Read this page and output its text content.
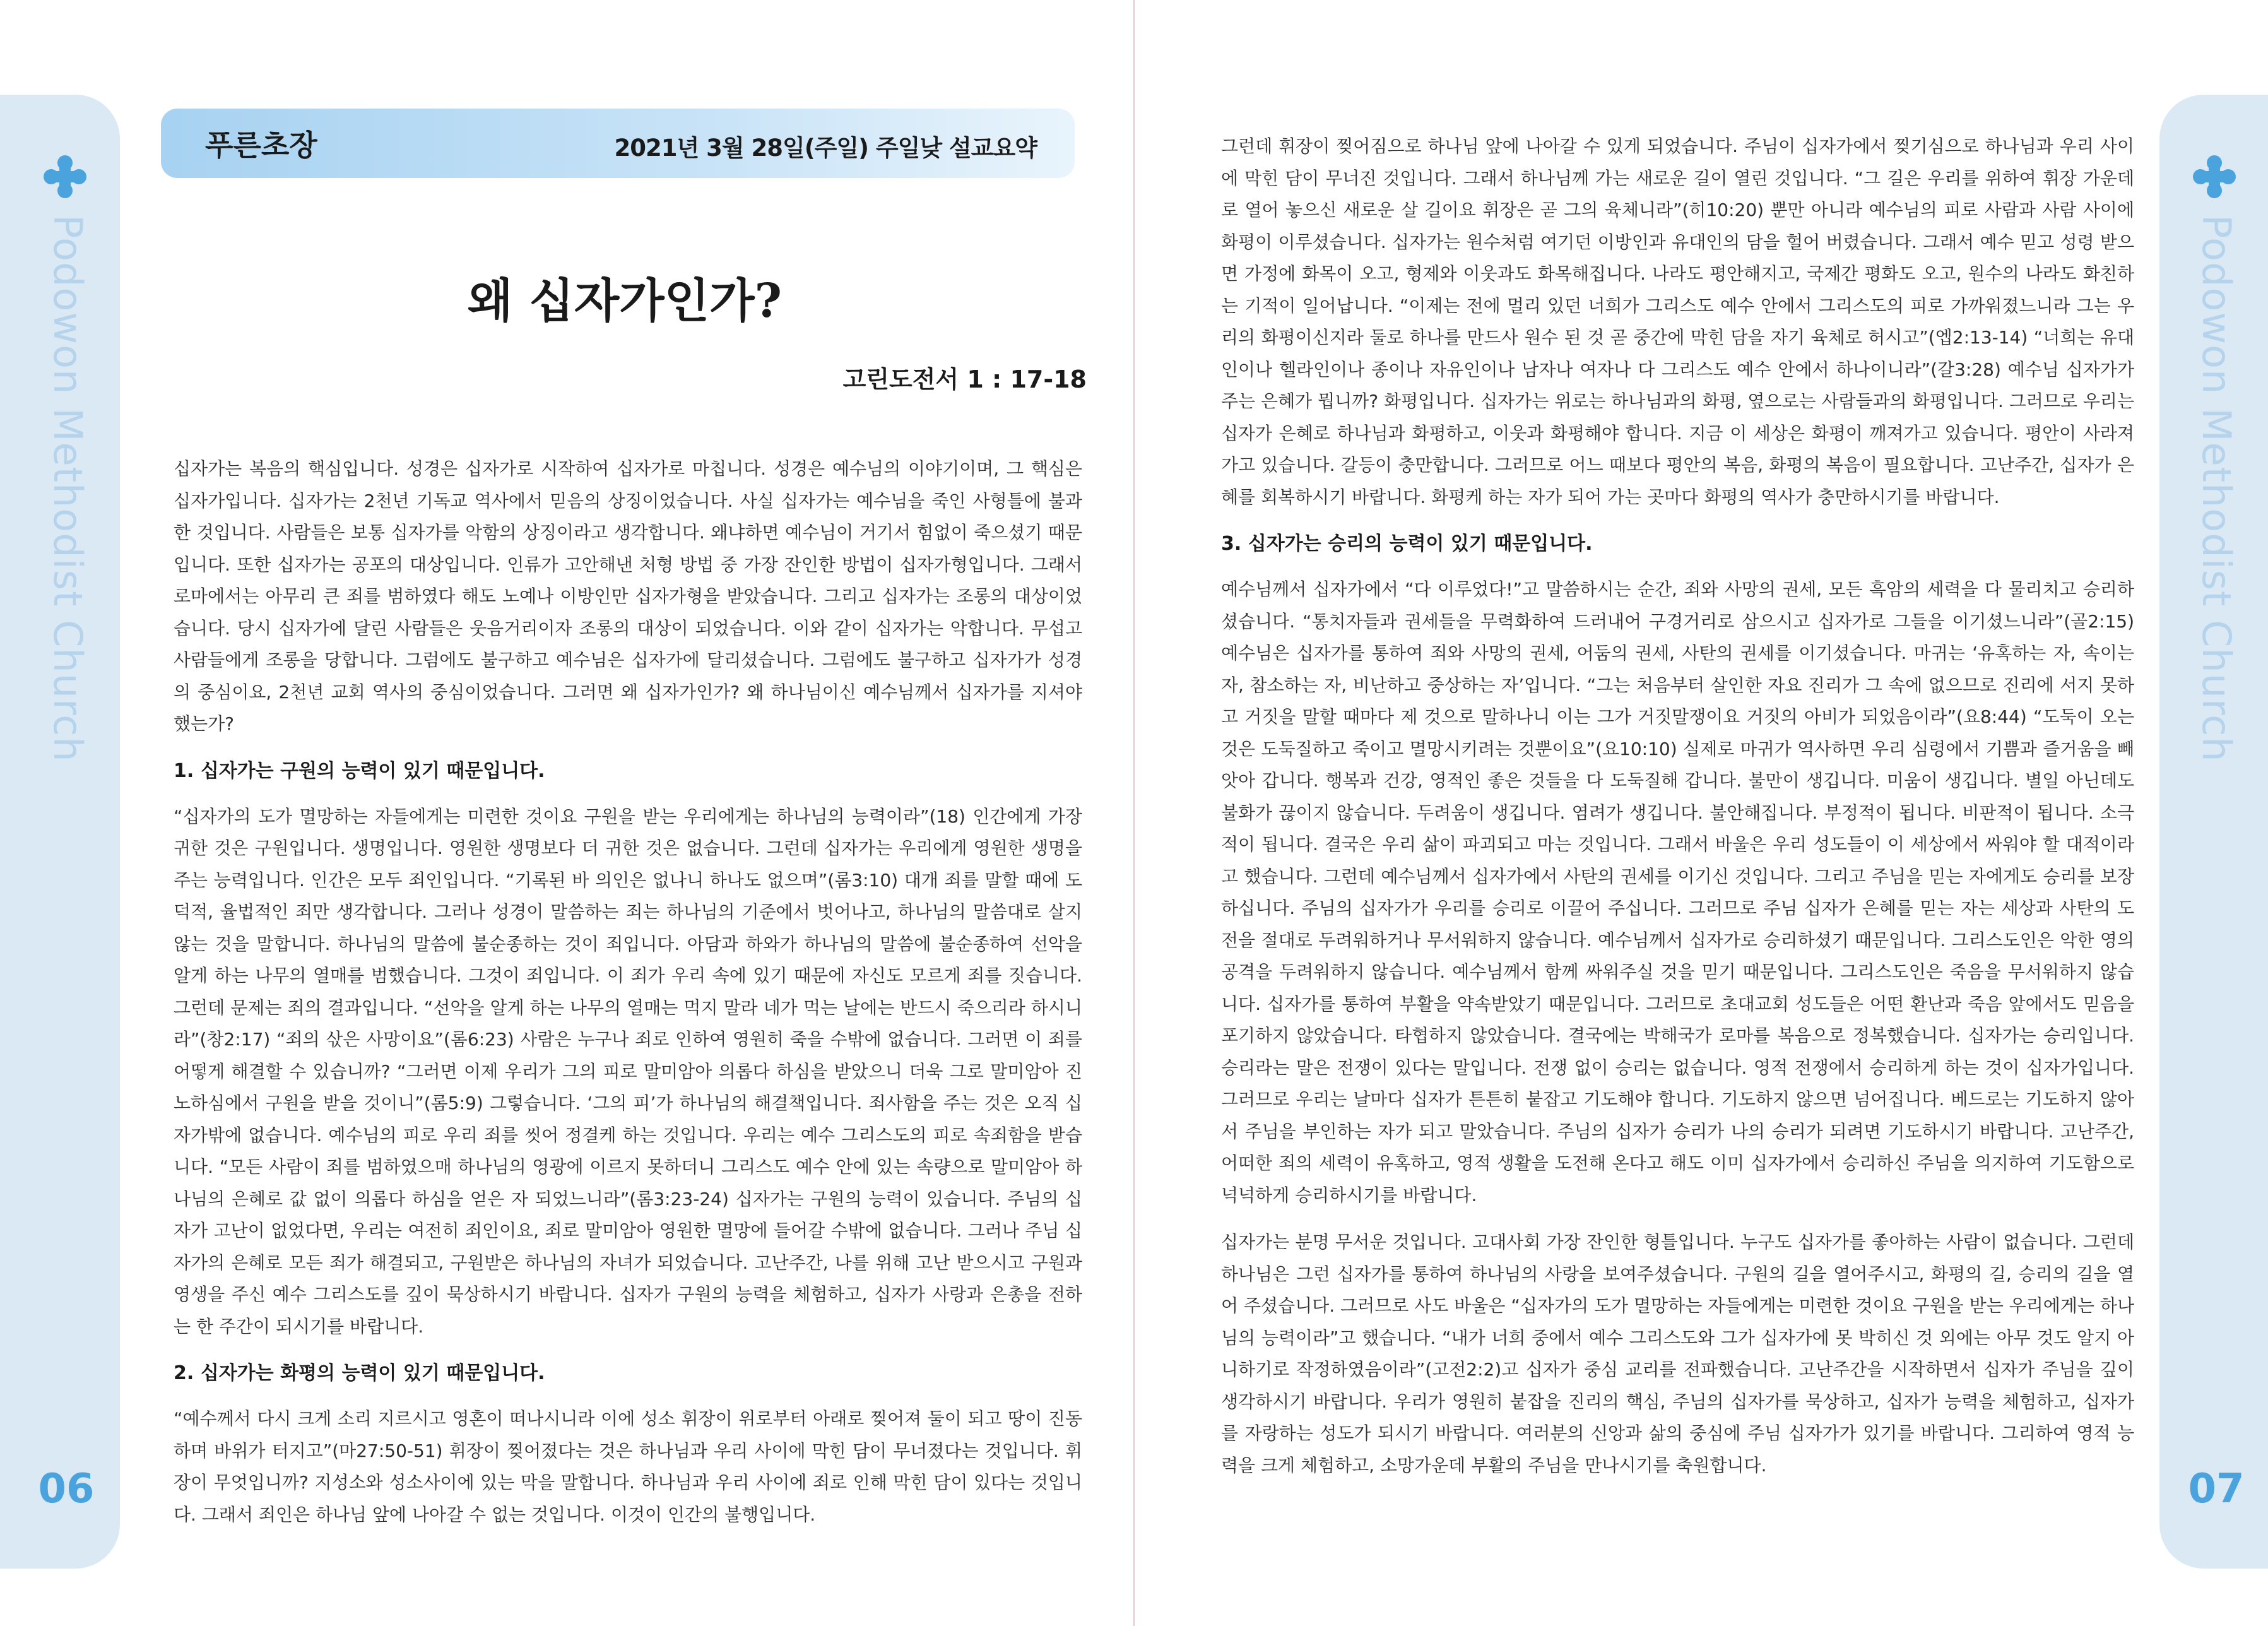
Podowon Methodist Church
06
푸른초장	2021년 3월 28일(주일) 주일낮 설교요약
왜 십자가인가?
고린도전서 1 : 17-18

십자가는 복음의 핵심입니다. 성경은 십자가로 시작하여 십자가로 마칩니다. 성경은 예수님의 이야기이며, 그 핵심은 십자가입니다. 십자가는 2천년 기독교 역사에서 믿음의 상징이었습니다. 사실 십자가는 예수님을 죽인 사형틀에 불과한 것입니다. 사람들은 보통 십자가를 악함의 상징이라고 생각합니다. 왜냐하면 예수님이 거기서 힘없이 죽으셨기 때문입니다. 또한 십자가는 공포의 대상입니다. 인류가 고안해낸 처형 방법 중 가장 잔인한 방법이 십자가형입니다. 그래서 로마에서는 아무리 큰 죄를 범하였다 해도 노예나 이방인만 십자가형을 받았습니다. 그리고 십자가는 조롱의 대상이었습니다. 당시 십자가에 달린 사람들은 웃음거리이자 조롱의 대상이 되었습니다. 이와 같이 십자가는 악합니다. 무섭고 사람들에게 조롱을 당합니다. 그럼에도 불구하고 예수님은 십자가에 달리셨습니다. 그럼에도 불구하고 십자가가 성경의 중심이요, 2천년 교회 역사의 중심이었습니다. 그러면 왜 십자가인가? 왜 하나님이신 예수님께서 십자가를 지셔야 했는가?

1. 십자가는 구원의 능력이 있기 때문입니다.

“십자가의 도가 멸망하는 자들에게는 미련한 것이요 구원을 받는 우리에게는 하나님의 능력이라”(18) 인간에게 가장 귀한 것은 구원입니다. 생명입니다. 영원한 생명보다 더 귀한 것은 없습니다. 그런데 십자가는 우리에게 영원한 생명을 주는 능력입니다. 인간은 모두 죄인입니다. “기록된 바 의인은 없나니 하나도 없으며”(롬3:10) 대개 죄를 말할 때에 도덕적, 율법적인 죄만 생각합니다. 그러나 성경이 말씀하는 죄는 하나님의 기준에서 벗어나고, 하나님의 말씀대로 살지 않는 것을 말합니다. 하나님의 말씀에 불순종하는 것이 죄입니다. 아담과 하와가 하나님의 말씀에 불순종하여 선악을 알게 하는 나무의 열매를 범했습니다. 그것이 죄입니다. 이 죄가 우리 속에 있기 때문에 자신도 모르게 죄를 짓습니다. 그런데 문제는 죄의 결과입니다. “선악을 알게 하는 나무의 열매는 먹지 말라 네가 먹는 날에는 반드시 죽으리라 하시니라”(창2:17) “죄의 삯은 사망이요”(롬6:23) 사람은 누구나 죄로 인하여 영원히 죽을 수밖에 없습니다. 그러면 이 죄를 어떻게 해결할 수 있습니까? “그러면 이제 우리가 그의 피로 말미암아 의롭다 하심을 받았으니 더욱 그로 말미암아 진노하심에서 구원을 받을 것이니”(롬5:9) 그렇습니다. ‘그의 피’가 하나님의 해결책입니다. 죄사함을 주는 것은 오직 십자가밖에 없습니다. 예수님의 피로 우리 죄를 씻어 정결케 하는 것입니다. 우리는 예수 그리스도의 피로 속죄함을 받습니다. “모든 사람이 죄를 범하였으매 하나님의 영광에 이르지 못하더니 그리스도 예수 안에 있는 속량으로 말미암아 하나님의 은혜로 값 없이 의롭다 하심을 얻은 자 되었느니라”(롬3:23-24) 십자가는 구원의 능력이 있습니다. 주님의 십자가 고난이 없었다면, 우리는 여전히 죄인이요, 죄로 말미암아 영원한 멸망에 들어갈 수밖에 없습니다. 그러나 주님 십자가의 은혜로 모든 죄가 해결되고, 구원받은 하나님의 자녀가 되었습니다. 고난주간, 나를 위해 고난 받으시고 구원과 영생을 주신 예수 그리스도를 깊이 묵상하시기 바랍니다. 십자가 구원의 능력을 체험하고, 십자가 사랑과 은총을 전하는 한 주간이 되시기를 바랍니다.

2. 십자가는 화평의 능력이 있기 때문입니다.

“예수께서 다시 크게 소리 지르시고 영혼이 떠나시니라 이에 성소 휘장이 위로부터 아래로 찢어져 둘이 되고 땅이 진동하며 바위가 터지고”(마27:50-51) 휘장이 찢어졌다는 것은 하나님과 우리 사이에 막힌 담이 무너졌다는 것입니다. 휘장이 무엇입니까? 지성소와 성소사이에 있는 막을 말합니다. 하나님과 우리 사이에 죄로 인해 막힌 담이 있다는 것입니다. 그래서 죄인은 하나님 앞에 나아갈 수 없는 것입니다. 이것이 인간의 불행입니다.

Podowon Methodist Church
07

그런데 휘장이 찢어짐으로 하나님 앞에 나아갈 수 있게 되었습니다. 주님이 십자가에서 찢기심으로 하나님과 우리 사이에 막힌 담이 무너진 것입니다. 그래서 하나님께 가는 새로운 길이 열린 것입니다. “그 길은 우리를 위하여 휘장 가운데로 열어 놓으신 새로운 살 길이요 휘장은 곧 그의 육체니라”(히10:20) 뿐만 아니라 예수님의 피로 사람과 사람 사이에 화평이 이루셨습니다. 십자가는 원수처럼 여기던 이방인과 유대인의 담을 헐어 버렸습니다. 그래서 예수 믿고 성령 받으면 가정에 화목이 오고, 형제와 이웃과도 화목해집니다. 나라도 평안해지고, 국제간 평화도 오고, 원수의 나라도 화친하는 기적이 일어납니다. “이제는 전에 멀리 있던 너희가 그리스도 예수 안에서 그리스도의 피로 가까워졌느니라 그는 우리의 화평이신지라 둘로 하나를 만드사 원수 된 것 곧 중간에 막힌 담을 자기 육체로 허시고”(엡2:13-14) “너희는 유대인이나 헬라인이나 종이나 자유인이나 남자나 여자나 다 그리스도 예수 안에서 하나이니라”(갈3:28) 예수님 십자가가 주는 은혜가 뭡니까? 화평입니다. 십자가는 위로는 하나님과의 화평, 옆으로는 사람들과의 화평입니다. 그러므로 우리는 십자가 은혜로 하나님과 화평하고, 이웃과 화평해야 합니다. 지금 이 세상은 화평이 깨져가고 있습니다. 평안이 사라져가고 있습니다. 갈등이 충만합니다. 그러므로 어느 때보다 평안의 복음, 화평의 복음이 필요합니다. 고난주간, 십자가 은혜를 회복하시기 바랍니다. 화평케 하는 자가 되어 가는 곳마다 화평의 역사가 충만하시기를 바랍니다.

3. 십자가는 승리의 능력이 있기 때문입니다.

예수님께서 십자가에서 “다 이루었다!”고 말씀하시는 순간, 죄와 사망의 권세, 모든 흑암의 세력을 다 물리치고 승리하셨습니다. “통치자들과 권세들을 무력화하여 드러내어 구경거리로 삼으시고 십자가로 그들을 이기셨느니라”(골2:15) 예수님은 십자가를 통하여 죄와 사망의 권세, 어둠의 권세, 사탄의 권세를 이기셨습니다. 마귀는 ‘유혹하는 자, 속이는 자, 참소하는 자, 비난하고 중상하는 자’입니다. “그는 처음부터 살인한 자요 진리가 그 속에 없으므로 진리에 서지 못하고 거짓을 말할 때마다 제 것으로 말하나니 이는 그가 거짓말쟁이요 거짓의 아비가 되었음이라”(요8:44) “도둑이 오는 것은 도둑질하고 죽이고 멸망시키려는 것뿐이요”(요10:10) 실제로 마귀가 역사하면 우리 심령에서 기쁨과 즐거움을 빼앗아 갑니다. 행복과 건강, 영적인 좋은 것들을 다 도둑질해 갑니다. 불만이 생깁니다. 미움이 생깁니다. 별일 아닌데도 불화가 끊이지 않습니다. 두려움이 생깁니다. 염려가 생깁니다. 불안해집니다. 부정적이 됩니다. 비판적이 됩니다. 소극적이 됩니다. 결국은 우리 삶이 파괴되고 마는 것입니다. 그래서 바울은 우리 성도들이 이 세상에서 싸워야 할 대적이라고 했습니다. 그런데 예수님께서 십자가에서 사탄의 권세를 이기신 것입니다. 그리고 주님을 믿는 자에게도 승리를 보장하십니다. 주님의 십자가가 우리를 승리로 이끌어 주십니다. 그러므로 주님 십자가 은혜를 믿는 자는 세상과 사탄의 도전을 절대로 두려워하거나 무서워하지 않습니다. 예수님께서 십자가로 승리하셨기 때문입니다. 그리스도인은 악한 영의 공격을 두려워하지 않습니다. 예수님께서 함께 싸워주실 것을 믿기 때문입니다. 그리스도인은 죽음을 무서워하지 않습니다. 십자가를 통하여 부활을 약속받았기 때문입니다. 그러므로 초대교회 성도들은 어떤 환난과 죽음 앞에서도 믿음을 포기하지 않았습니다. 타협하지 않았습니다. 결국에는 박해국가 로마를 복음으로 정복했습니다. 십자가는 승리입니다. 승리라는 말은 전쟁이 있다는 말입니다. 전쟁 없이 승리는 없습니다. 영적 전쟁에서 승리하게 하는 것이 십자가입니다. 그러므로 우리는 날마다 십자가 튼튼히 붙잡고 기도해야 합니다. 기도하지 않으면 넘어집니다. 베드로는 기도하지 않아서 주님을 부인하는 자가 되고 말았습니다. 주님의 십자가 승리가 나의 승리가 되려면 기도하시기 바랍니다. 고난주간, 어떠한 죄의 세력이 유혹하고, 영적 생활을 도전해 온다고 해도 이미 십자가에서 승리하신 주님을 의지하여 기도함으로 넉넉하게 승리하시기를 바랍니다.

십자가는 분명 무서운 것입니다. 고대사회 가장 잔인한 형틀입니다. 누구도 십자가를 좋아하는 사람이 없습니다. 그런데 하나님은 그런 십자가를 통하여 하나님의 사랑을 보여주셨습니다. 구원의 길을 열어주시고, 화평의 길, 승리의 길을 열어 주셨습니다. 그러므로 사도 바울은 “십자가의 도가 멸망하는 자들에게는 미련한 것이요 구원을 받는 우리에게는 하나님의 능력이라”고 했습니다. “내가 너희 중에서 예수 그리스도와 그가 십자가에 못 박히신 것 외에는 아무 것도 알지 아니하기로 작정하였음이라”(고전2:2)고 십자가 중심 교리를 전파했습니다. 고난주간을 시작하면서 십자가 주님을 깊이 생각하시기 바랍니다. 우리가 영원히 붙잡을 진리의 핵심, 주님의 십자가를 묵상하고, 십자가 능력을 체험하고, 십자가를 자랑하는 성도가 되시기 바랍니다. 여러분의 신앙과 삶의 중심에 주님 십자가가 있기를 바랍니다. 그리하여 영적 능력을 크게 체험하고, 소망가운데 부활의 주님을 만나시기를 축원합니다.
